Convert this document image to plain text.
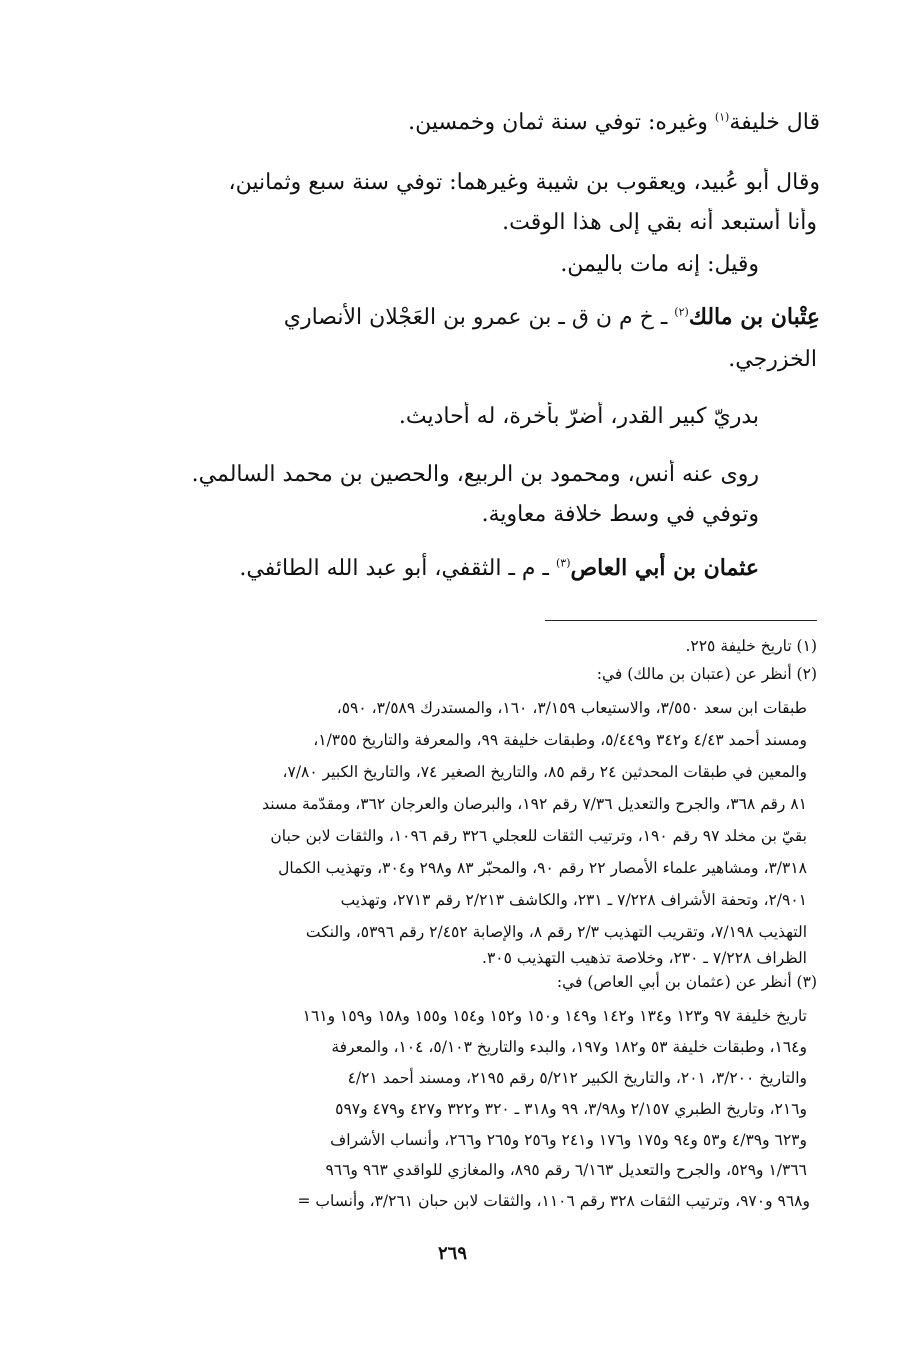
قال خليفة$^{(١)}$ وغيره: توفي سنة ثمان وخمسين.
وقال أبو عُبيد، ويعقوب بن شيبة وغيرهما: توفي سنة سبع وثمانين،
وأنا أستبعد أنه بقي إلى هذا الوقت.
وقيل: إنه مات باليمن.
عِتْبان بن مالك$^{(٢)}$ ـ خ م ن ق ـ بن عمرو بن العَجْلان الأنصاري
الخزرجي.
بدريّ كبير القدر، أضرّ بأخرة، له أحاديث.
روى عنه أنس، ومحمود بن الربيع، والحصين بن محمد السالمي.
وتوفي في وسط خلافة معاوية.
عثمان بن أبي العاص$^{(٣)}$ ـ م ـ الثقفي، أبو عبد الله الطائفي.
(١) تاريخ خليفة ٢٢٥.
(٢) أنظر عن (عتبان بن مالك) في:
طبقات ابن سعد ٣/٥٥٠، والاستيعاب ٣/١٥٩، ١٦٠، والمستدرك ٣/٥٨٩، ٥٩٠،
ومسند أحمد ٤/٤٣ و٣٤٢ و٥/٤٤٩، وطبقات خليفة ٩٩، والمعرفة والتاريخ ١/٣٥٥،
والمعين في طبقات المحدثين ٢٤ رقم ٨٥، والتاريخ الصغير ٧٤، والتاريخ الكبير ٧/٨٠،
٨١ رقم ٣٦٨، والجرح والتعديل ٧/٣٦ رقم ١٩٢، والبرصان والعرجان ٣٦٢، ومقدّمة مسند
بقيّ بن مخلد ٩٧ رقم ١٩٠، وترتيب الثقات للعجلي ٣٢٦ رقم ١٠٩٦، والثقات لابن حبان
٣/٣١٨، ومشاهير علماء الأمصار ٢٢ رقم ٩٠، والمحبّر ٨٣ و٢٩٨ و٣٠٤، وتهذيب الكمال
٢/٩٠١، وتحفة الأشراف ٧/٢٢٨ ـ ٢٣١، والكاشف ٢/٢١٣ رقم ٢٧١٣، وتهذيب
التهذيب ٧/١٩٨، وتقريب التهذيب ٢/٣ رقم ٨، والإصابة ٢/٤٥٢ رقم ٥٣٩٦، والنكت
الظراف ٧/٢٢٨ ـ ٢٣٠، وخلاصة تذهيب التهذيب ٣٠٥.
(٣) أنظر عن (عثمان بن أبي العاص) في:
تاريخ خليفة ٩٧ و١٢٣ و١٣٤ و١٤٢ و١٤٩ و١٥٠ و١٥٢ و١٥٤ و١٥٥ و١٥٨ و١٥٩ و١٦١
و١٦٤، وطبقات خليفة ٥٣ و١٨٢ و١٩٧، والبدء والتاريخ ٥/١٠٣، ١٠٤، والمعرفة
والتاريخ ٣/٢٠٠، ٢٠١، والتاريخ الكبير ٥/٢١٢ رقم ٢١٩٥، ومسند أحمد ٤/٢١
و٢١٦، وتاريخ الطبري ٢/١٥٧ و٣/٩٨، ٩٩ و٣١٨ ـ ٣٢٠ و٣٢٢ و٤٢٧ و٤٧٩ و٥٩٧
و٦٢٣ و٤/٣٩ و٥٣ و٩٤ و١٧٥ و١٧٦ و٢٤١ و٢٥٦ و٢٦٥ و٢٦٦، وأنساب الأشراف
١/٣٦٦ و٥٢٩، والجرح والتعديل ٦/١٦٣ رقم ٨٩٥، والمغازي للواقدي ٩٦٣ و٩٦٦
و٩٦٨ و٩٧٠، وترتيب الثقات ٣٢٨ رقم ١١٠٦، والثقات لابن حبان ٣/٢٦١، وأنساب =
٢٦٩
